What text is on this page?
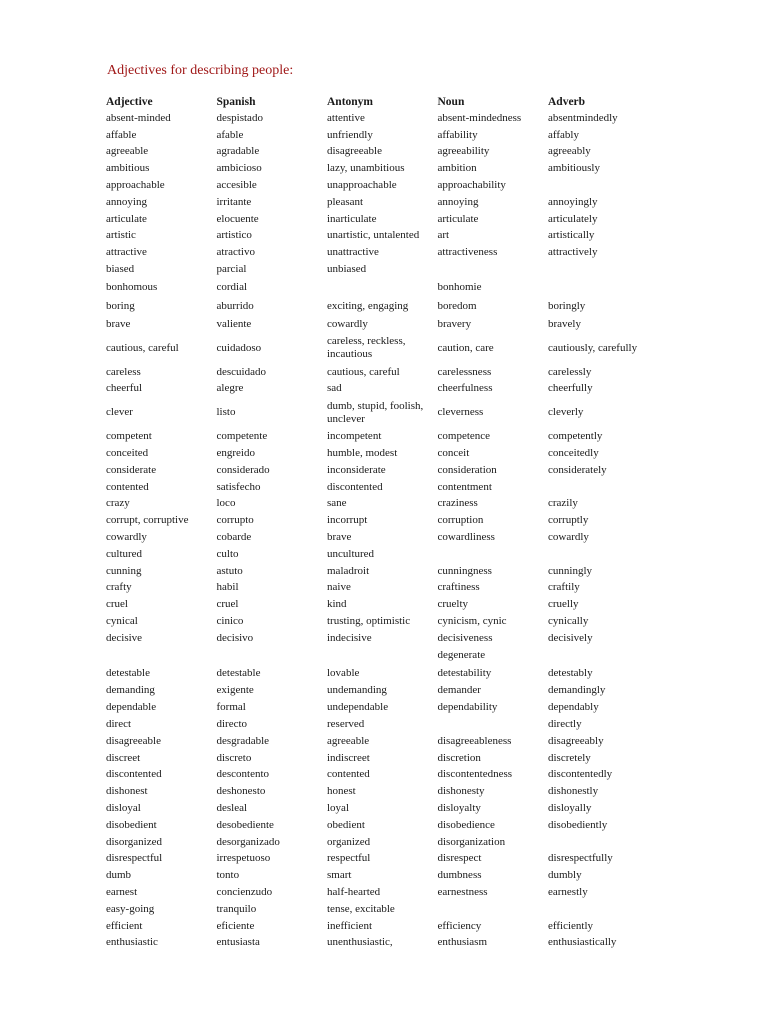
Adjectives for describing people:
Adjective	Spanish	Antonym	Noun	Adverb
absent-minded	despistado	attentive	absent-mindedness	absentmindedly
affable	afable	unfriendly	affability	affably
agreeable	agradable	disagreeable	agreeability	agreeably
ambitious	ambicioso	lazy, unambitious	ambition	ambitiously
approachable	accesible	unapproachable	approachability	
annoying	irritante	pleasant	annoying	annoyingly
articulate	elocuente	inarticulate	articulate	articulately
artistic	artistico	unartistic, untalented	art	artistically
attractive	atractivo	unattractive	attractiveness	attractively
biased	parcial	unbiased		
bonhomous	cordial		bonhomie	
boring	aburrido	exciting, engaging	boredom	boringly
brave	valiente	cowardly	bravery	bravely
cautious, careful	cuidadoso	careless, reckless, incautious	caution, care	cautiously, carefully
careless	descuidado	cautious, careful	carelessness	carelessly
cheerful	alegre	sad	cheerfulness	cheerfully
clever	listo	dumb, stupid, foolish, unclever	cleverness	cleverly
competent	competente	incompetent	competence	competently
conceited	engreido	humble, modest	conceit	conceitedly
considerate	considerado	inconsiderate	consideration	considerately
contented	satisfecho	discontented	contentment	
crazy	loco	sane	craziness	crazily
corrupt, corruptive	corrupto	incorrupt	corruption	corruptly
cowardly	cobarde	brave	cowardliness	cowardly
cultured	culto	uncultured		
cunning	astuto	maladroit	cunningness	cunningly
crafty	habil	naive	craftiness	craftily
cruel	cruel	kind	cruelty	cruelly
cynical	cinico	trusting, optimistic	cynicism, cynic	cynically
decisive	decisivo	indecisive	decisiveness	decisively
			degenerate	
detestable	detestable	lovable	detestability	detestably
demanding	exigente	undemanding	demander	demandingly
dependable	formal	undependable	dependability	dependably
direct	directo	reserved		directly
disagreeable	desgradable	agreeable	disagreeableness	disagreeably
discreet	discreto	indiscreet	discretion	discretely
discontented	descontento	contented	discontentedness	discontentedly
dishonest	deshonesto	honest	dishonesty	dishonestly
disloyal	desleal	loyal	disloyalty	disloyally
disobedient	desobediente	obedient	disobedience	disobediently
disorganized	desorganizado	organized	disorganization	
disrespectful	irrespetuoso	respectful	disrespect	disrespectfully
dumb	tonto	smart	dumbness	dumbly
earnest	concienzudo	half-hearted	earnestness	earnestly
easy-going	tranquilo	tense, excitable		
efficient	eficiente	inefficient	efficiency	efficiently
enthusiastic	entusiasta	unenthusiastic,	enthusiasm	enthusiastically
